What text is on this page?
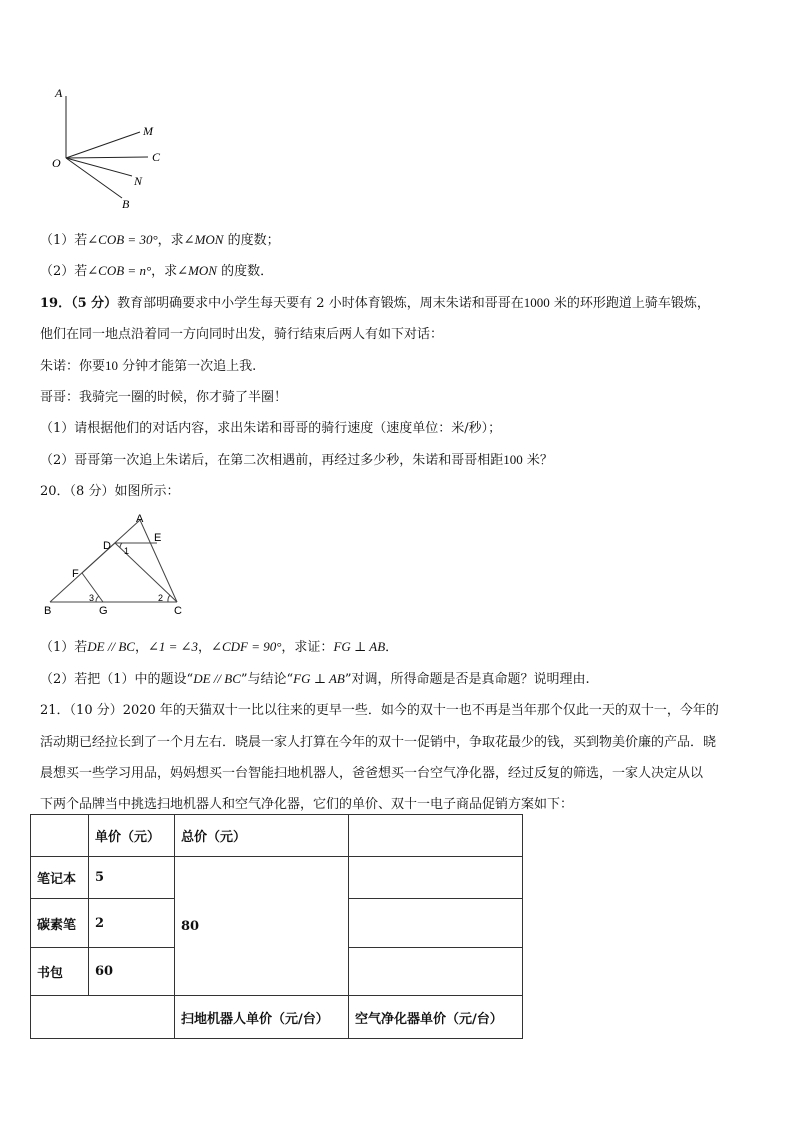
A
M
O	C
N
B
（1）若∠COB = 30°，求∠MON 的度数；
（2）若∠COB = n°，求∠MON 的度数．
19．（5 分）教育部明确要求中小学生每天要有 2 小时体育锻炼，周末朱诺和哥哥在1000 米的环形跑道上骑车锻炼，
他们在同一地点沿着同一方向同时出发，骑行结束后两人有如下对话：
朱诺：你要10 分钟才能第一次追上我.
哥哥：我骑完一圈的时候，你才骑了半圈！
（1）请根据他们的对话内容，求出朱诺和哥哥的骑行速度（速度单位：米/秒）；
（2）哥哥第一次追上朱诺后，在第二次相遇前，再经过多少秒，朱诺和哥哥相距100 米？
20．（8 分）如图所示：
A
E
D 1
F
B
3
G
2
C
（1）若DE // BC，∠1 = ∠3，∠CDF = 90°，求证：FG ⊥ AB．
（2）若把（1）中的题设“DE // BC”与结论“FG ⊥ AB”对调，所得命题是否是真命题？说明理由.
21．（10 分）2020 年的天猫双十一比以往来的更早一些．如今的双十一也不再是当年那个仅此一天的双十一，今年的
活动期已经拉长到了一个月左右．晓晨一家人打算在今年的双十一促销中，争取花最少的钱，买到物美价廉的产品．晓
晨想买一些学习用品，妈妈想买一台智能扫地机器人，爸爸想买一台空气净化器，经过反复的筛选，一家人决定从以
下两个品牌当中挑选扫地机器人和空气净化器，它们的单价、双十一电子商品促销方案如下：
	单价（元）	总价（元）	
笔记本	5	80	
碳素笔	2		
书包	60		
		扫地机器人单价（元/台）	空气净化器单价（元/台）
